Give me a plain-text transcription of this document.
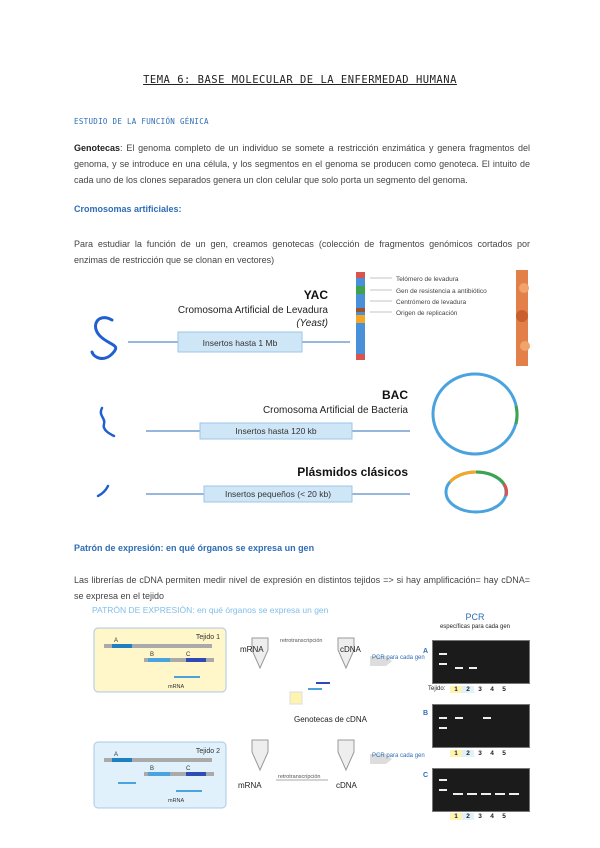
TEMA 6: BASE MOLECULAR DE LA ENFERMEDAD HUMANA
ESTUDIO DE LA FUNCIÓN GÉNICA
Genotecas: El genoma completo de un individuo se somete a restricción enzimática y genera fragmentos del genoma, y se introduce en una célula, y los segmentos en el genoma se producen como genoteca. El intuito de cada uno de los clones separados genera un clon celular que solo porta un segmento del genoma.
Cromosomas artificiales:
Para estudiar la función de un gen, creamos genotecas (colección de fragmentos genómicos cortados por enzimas de restricción que se clonan en vectores)
Insertos hasta 1 Mb
YAC
Cromosoma Artificial de Levadura
(Yeast)
Telómero de levadura
Gen de resistencia a antibiótico
Centrómero de levadura
Origen de replicación
Insertos hasta 120 kb
BAC
Cromosoma Artificial de Bacteria
Insertos pequeños (< 20 kb)
Plásmidos clásicos
Patrón de expresión: en qué órganos se expresa un gen
Las librerías de cDNA permiten medir nivel de expresión en distintos tejidos => si hay amplificación= hay cDNA= se expresa en el tejido
PATRÓN DE EXPRESIÓN: en qué órganos se expresa un gen
Tejido 1
A
B	C
mRNA
Tejido 2
A
B	C
mRNA
mRNA	cDNA
retrotranscripción
mRNA	cDNA
retrotranscripción
Genotecas de cDNA
PCR para cada gen
PCR para cada gen
PCR
específicas para cada gen
A
Tejido:	1	2	3	4	5
B
1	2	3	4	5
C
1	2	3	4	5
